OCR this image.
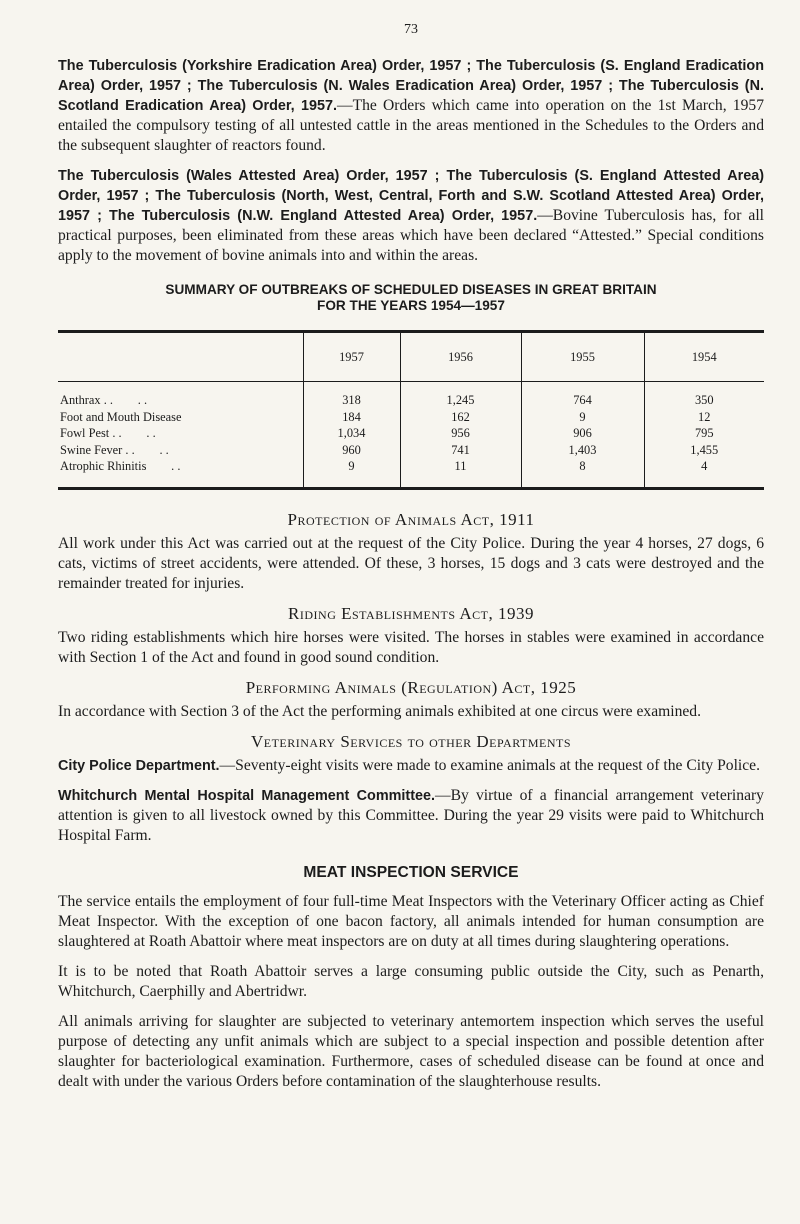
73

The Tuberculosis (Yorkshire Eradication Area) Order, 1957 ; The Tuberculosis (S. England Eradication Area) Order, 1957 ; The Tuberculosis (N. Wales Eradication Area) Order, 1957 ; The Tuberculosis (N. Scotland Eradication Area) Order, 1957.—The Orders which came into operation on the 1st March, 1957 entailed the compulsory testing of all untested cattle in the areas mentioned in the Schedules to the Orders and the subsequent slaughter of reactors found.

The Tuberculosis (Wales Attested Area) Order, 1957 ; The Tuberculosis (S. England Attested Area) Order, 1957 ; The Tuberculosis (North, West, Central, Forth and S.W. Scotland Attested Area) Order, 1957 ; The Tuberculosis (N.W. England Attested Area) Order, 1957.—Bovine Tuberculosis has, for all practical purposes, been eliminated from these areas which have been declared “Attested.” Special conditions apply to the movement of bovine animals into and within the areas.

SUMMARY OF OUTBREAKS OF SCHEDULED DISEASES IN GREAT BRITAIN
FOR THE YEARS 1954—1957
	1957	1956	1955	1954
Anthrax . .        . .	318	1,245	764	350
Foot and Mouth Disease	184	162	9	12
Fowl Pest . .        . .	1,034	956	906	795
Swine Fever . .        . .	960	741	1,403	1,455
Atrophic Rhinitis        . .	9	11	8	4
Protection of Animals Act, 1911

All work under this Act was carried out at the request of the City Police. During the year 4 horses, 27 dogs, 6 cats, victims of street accidents, were attended. Of these, 3 horses, 15 dogs and 3 cats were destroyed and the remainder treated for injuries.

Riding Establishments Act, 1939

Two riding establishments which hire horses were visited. The horses in stables were examined in accordance with Section 1 of the Act and found in good sound condition.

Performing Animals (Regulation) Act, 1925

In accordance with Section 3 of the Act the performing animals exhibited at one circus were examined.

Veterinary Services to other Departments

City Police Department.—Seventy-eight visits were made to examine animals at the request of the City Police.

Whitchurch Mental Hospital Management Committee.—By virtue of a financial arrangement veterinary attention is given to all livestock owned by this Committee. During the year 29 visits were paid to Whitchurch Hospital Farm.

MEAT INSPECTION SERVICE

The service entails the employment of four full-time Meat Inspectors with the Veterinary Officer acting as Chief Meat Inspector. With the exception of one bacon factory, all animals intended for human consumption are slaughtered at Roath Abattoir where meat inspectors are on duty at all times during slaughtering operations.

It is to be noted that Roath Abattoir serves a large consuming public outside the City, such as Penarth, Whitchurch, Caerphilly and Abertridwr.

All animals arriving for slaughter are subjected to veterinary antemortem inspection which serves the useful purpose of detecting any unfit animals which are subject to a special inspection and possible detention after slaughter for bacteriological examination. Furthermore, cases of scheduled disease can be found at once and dealt with under the various Orders before contamination of the slaughterhouse results.
